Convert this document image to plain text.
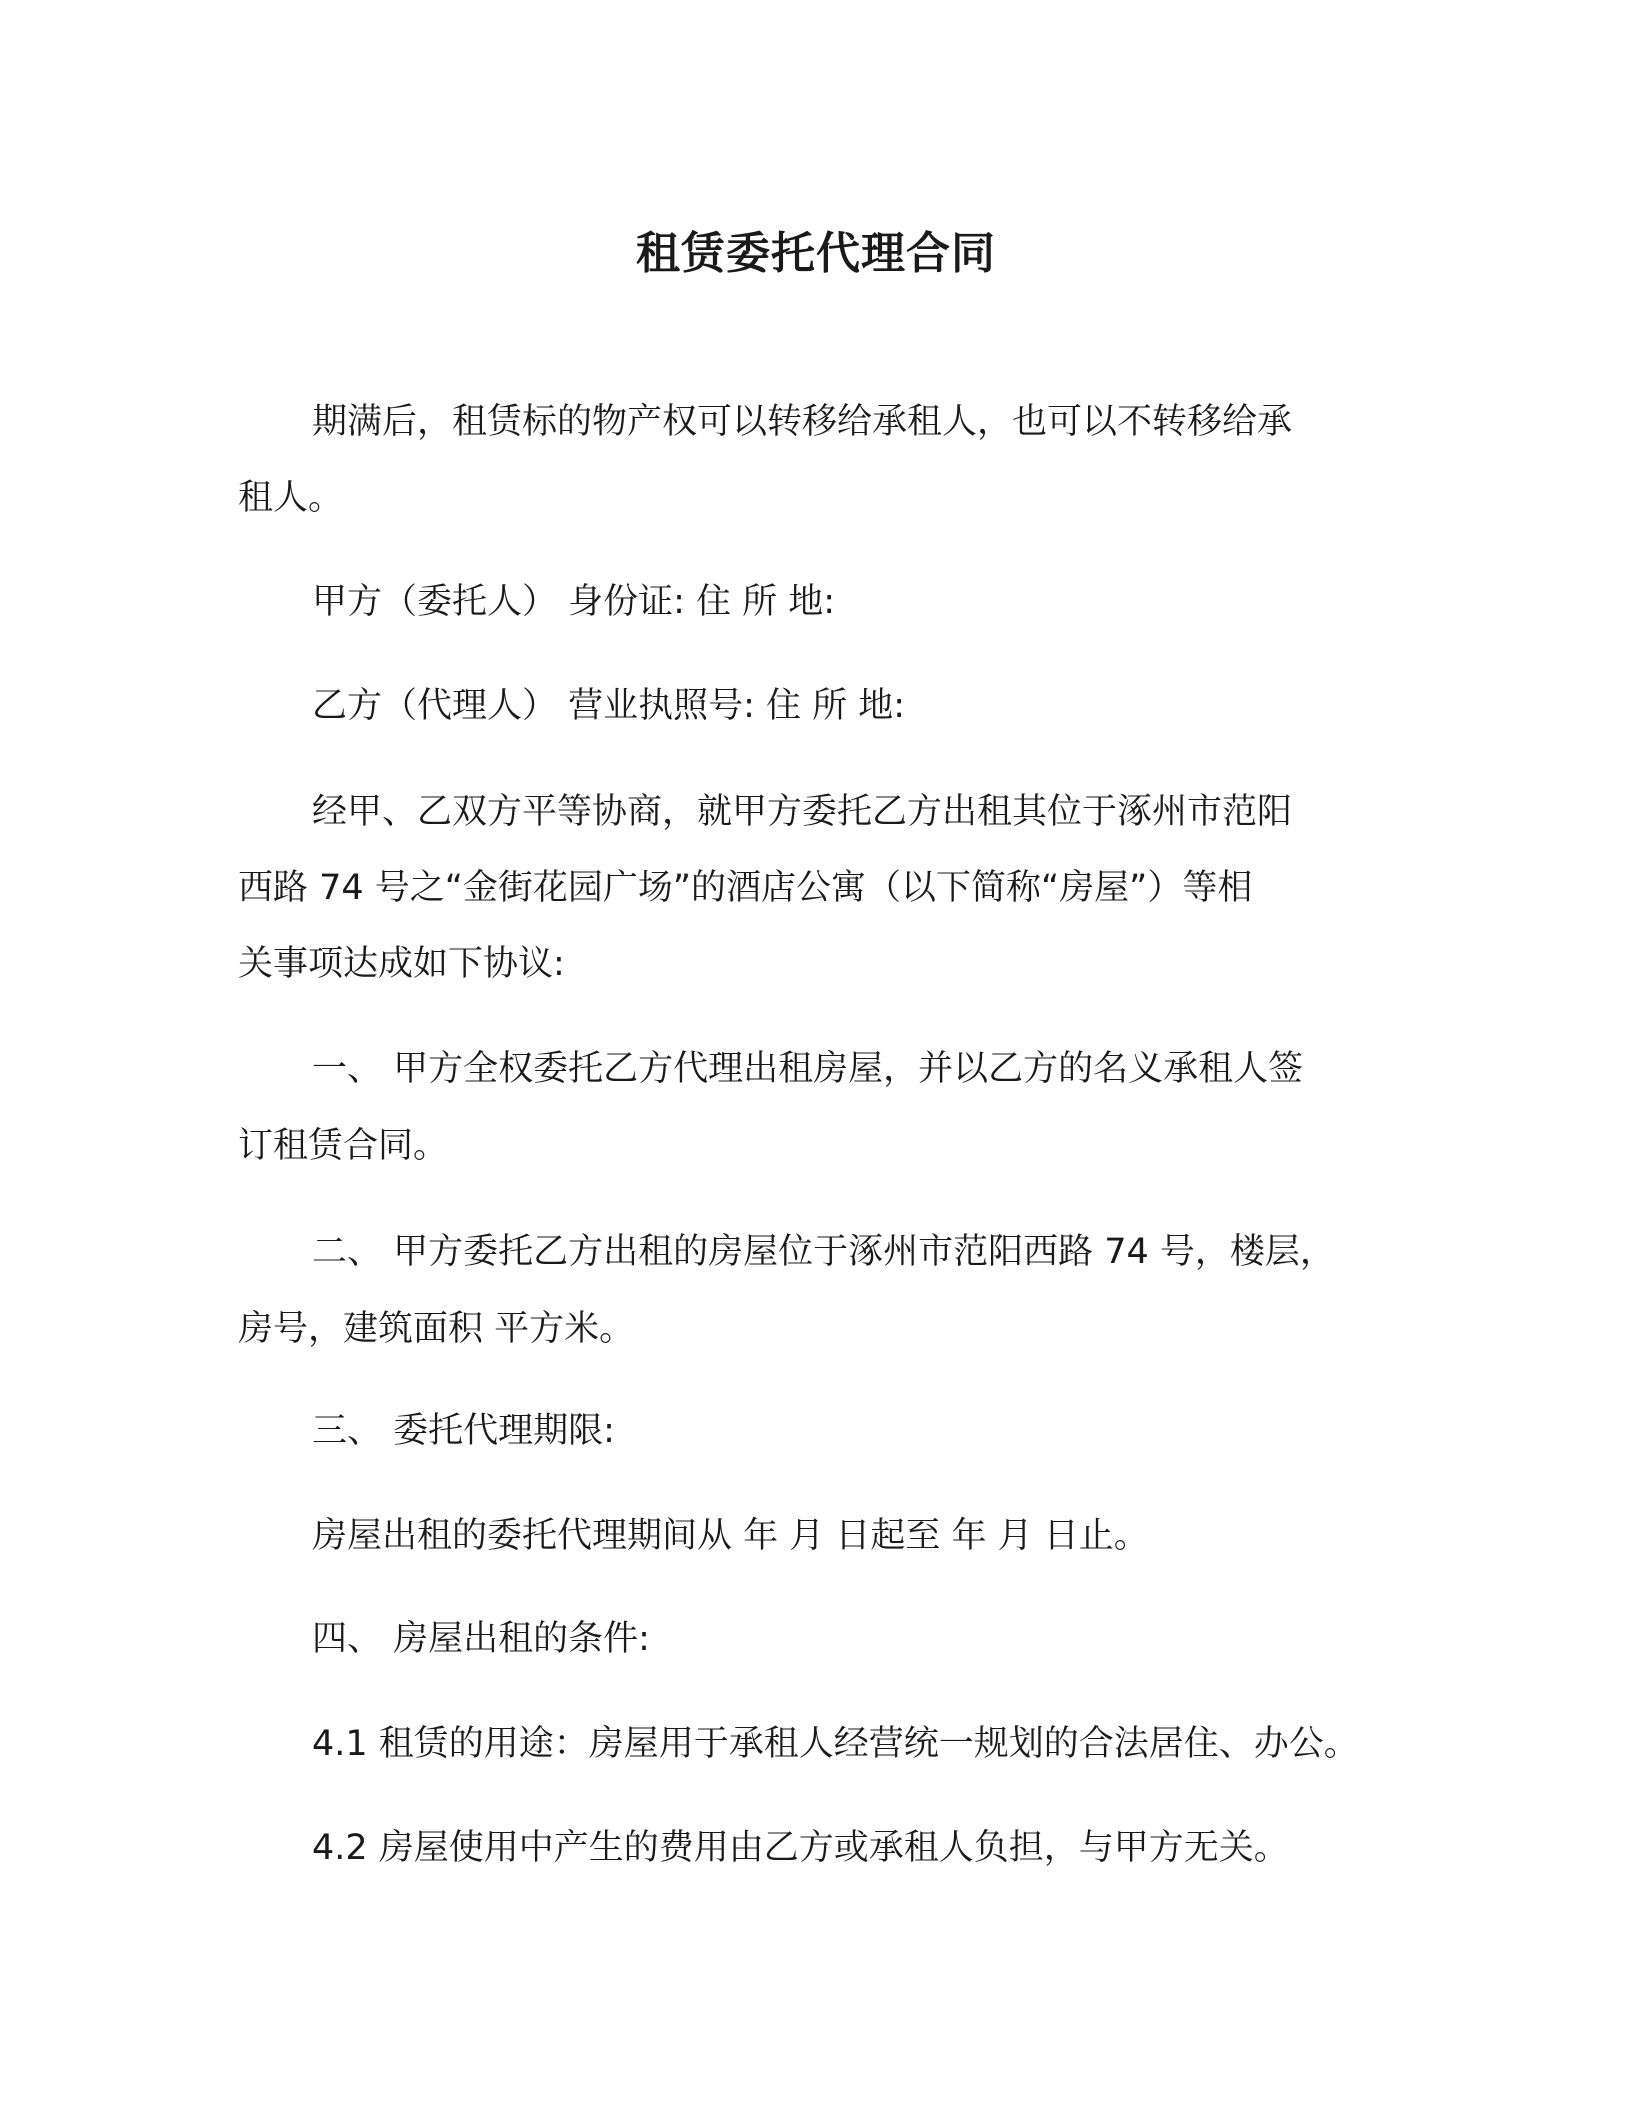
租赁委托代理合同
期满后，租赁标的物产权可以转移给承租人，也可以不转移给承
租人。
甲方（委托人） 身份证: 住 所 地:
乙方（代理人） 营业执照号: 住 所 地:
经甲、乙双方平等协商，就甲方委托乙方出租其位于涿州市范阳
西路 74 号之“金街花园广场”的酒店公寓（以下简称“房屋”）等相
关事项达成如下协议:
一、 甲方全权委托乙方代理出租房屋，并以乙方的名义承租人签
订租赁合同。
二、 甲方委托乙方出租的房屋位于涿州市范阳西路 74 号，楼层，
房号，建筑面积 平方米。
三、 委托代理期限:
房屋出租的委托代理期间从 年 月 日起至 年 月 日止。
四、 房屋出租的条件:
4.1 租赁的用途：房屋用于承租人经营统一规划的合法居住、办公。
4.2 房屋使用中产生的费用由乙方或承租人负担，与甲方无关。
